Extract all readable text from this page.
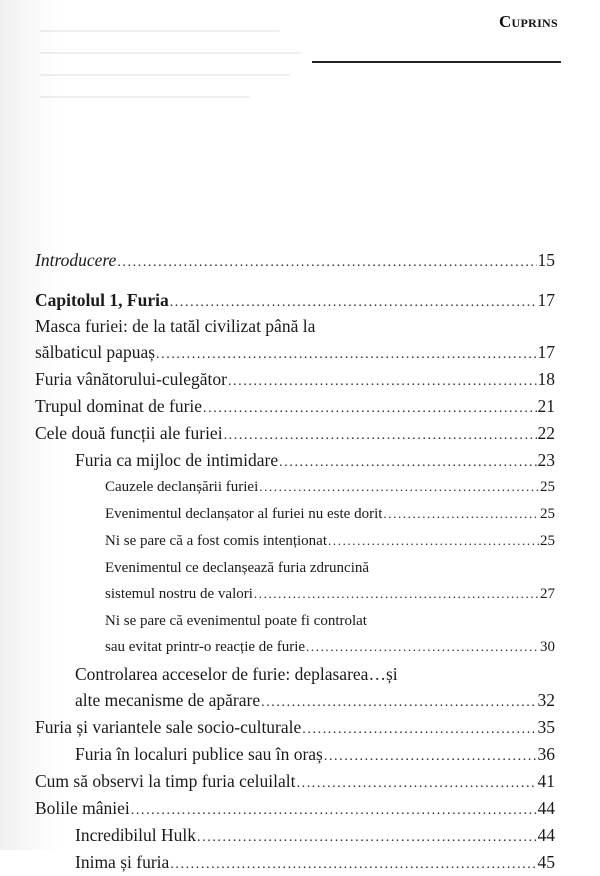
Cuprins
Introducere .....	15
Capitolul 1, Furia .....	17
Masca furiei: de la tatăl civilizat până la
sălbaticul papuaș .....	17
Furia vânătorului-culegător .....	18
Trupul dominat de furie .....	21
Cele două funcții ale furiei .....	22
Furia ca mijloc de intimidare .....	23
Cauzele declanșării furiei .....	25
Evenimentul declanșator al furiei nu este dorit .....	25
Ni se pare că a fost comis intenționat .....	25
Evenimentul ce declanșează furia zdruncină
sistemul nostru de valori .....	27
Ni se pare că evenimentul poate fi controlat
sau evitat printr-o reacție de furie .....	30
Controlarea acceselor de furie: deplasarea…și
alte mecanisme de apărare .....	32
Furia și variantele sale socio-culturale .....	35
Furia în localuri publice sau în oraș .....	36
Cum să observi la timp furia celuilalt .....	41
Bolile mâniei .....	44
Incredibilul Hulk .....	44
Inima și furia .....	45
